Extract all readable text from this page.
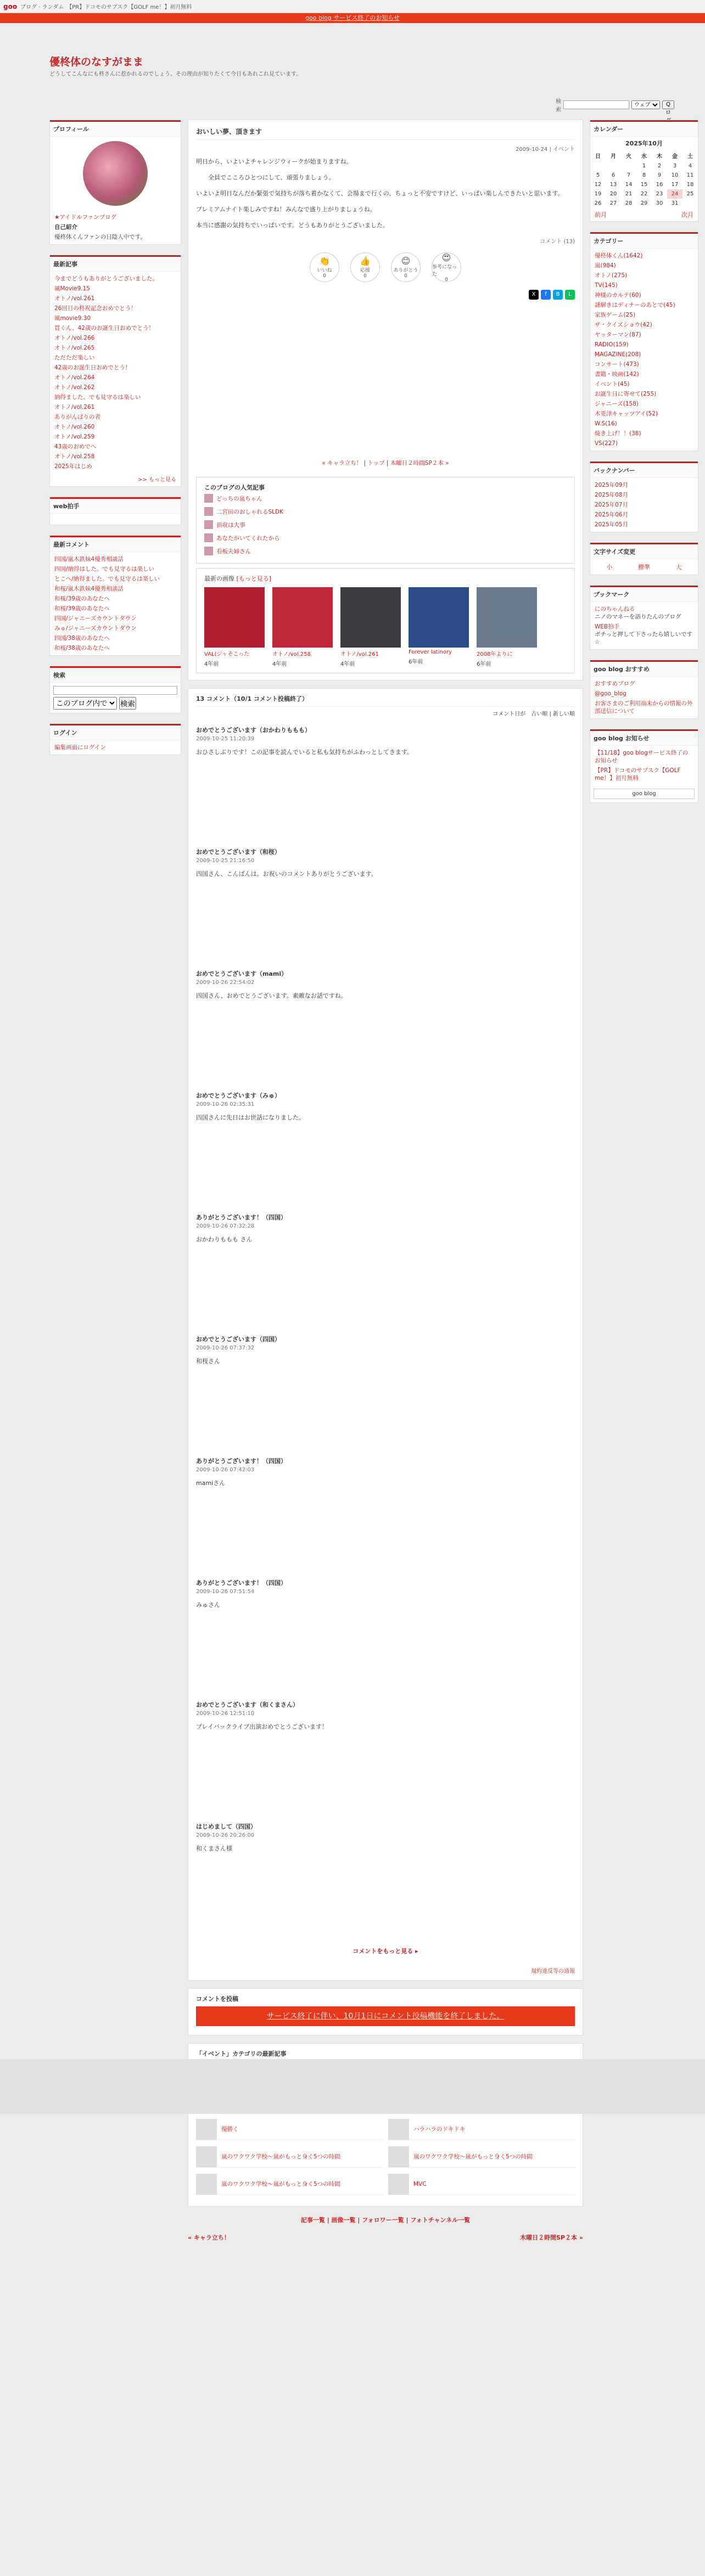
goo ブログ · ランダム　【PR】ドコモのサブスク【GOLF me！】初月無料
検索
ウェブ
Q ロ
goo blog サービス終了のお知らせ
優柊体のなすがまま

どうしてこんなにも柊さんに惹かれるのでしょう。その理由が知りたくて今日もあれこれ見ています。

プロフィール
★アイドルファンブログ
自己紹介
優柊体くんファンの日陰人中です。
最新記事
今までどうもありがとうございました。
風Movie9.15
オトノ/vol.261
26回目の柊祝記念おめでとう！
風movie9.30
買くん、42歳のお誕生日おめでとう！
オトノ/vol.266
オトノ/vol.265
ただただ楽しい
42歳のお誕生日おめでとう！
オトノ/vol.264
オトノ/vol.262
納得ました。でも見守るは楽しい
オトノ/vol.261
ありがんばりの者
オトノ/vol.260
オトノ/vol.259
43歳のおめでへ
オトノ/vol.258
2025年はじめ
>> もっと見る
web拍手
最新コメント
四国/嵐木鉄妹4優秀相談話
四国/納得はした。でも見守るは楽しい
とこへ/納得ました。でも見守るは楽しい
和桜/嵐木鉄妹4優秀相談話
和桜/39歳のあなたへ
和桜/39歳のあなたへ
四国/ジャニーズカウントダウン
みゅ/ジャニーズカウントダウン
四国/38歳のあなたへ
和桜/38歳のあなたへ
検索
このブログ内で
検索
ログイン
編集画面にログイン
おいしい夢、頂きます
2009-10-24 | イベント

明日から、いよいよチャレンジウィークが始まりますね。

　　全員でこころひとつにして、頑張りましょう。

いよいよ明日なんだか緊張で気持ちが落ち着かなくて、会場まで行くの、ちょっと不安ですけど、いっぱい楽しんできたいと思います。

プレミアムナイト楽しみですね！みんなで盛り上がりましょうね。

本当に感謝の気持ちでいっぱいです。どうもありがとうございました。

コメント (13)
👏
いいね
0
👍
応援
0
😊
ありがとう
0
😍
参考になった
0
X	f	B	L
« キャラ立ち！ | トップ | 木曜日２時間SP２本 »
このブログの人気記事
どっちの嵐ちゃん
二宮田のおしゃれるSLDK
頂収は大事
あなたがいてくれたから
看板夫婦さん
最新の画像 [もっと見る]
VAL(ジャそこった
4年前
オトノ/vol.258
4年前
オトノ/vol.261
4年前
Forever latinory
6年前
2008年よりに
6年前
13 コメント（10/1 コメント投稿終了）
コメント日が　古い順 | 新しい順
おめでとうございます（おかわりももも）
2009-10-25 11:20:39

おひさしぶりです！この記事を読んでいると私も気持ちがふわっとしてきます。

おめでとうございます（和桜）
2009-10-25 21:16:50

四国さん、こんばんは。お祝いのコメントありがとうございます。

おめでとうございます（mami）
2009-10-26 22:54:02

四国さん、おめでとうございます。素敵なお話ですね。

おめでとうございます（みゅ）
2009-10-26 02:35:31

四国さんに先日はお世話になりました。

ありがとうございます！（四国）
2009-10-26 07:32:28

おかわりももも さん

おめでとうございます（四国）
2009-10-26 07:37:32

和桜さん

ありがとうございます！（四国）
2009-10-26 07:42:03

mamiさん

ありがとうございます！（四国）
2009-10-26 07:51:54

みゅさん

おめでとうございます（和くまさん）
2009-10-26 12:51:10

プレイバックライブ出演おめでとうございます！

はじめまして（四国）
2009-10-26 20:26:00

和くまさん様

コメントをもっと見る ▸
規約違反等の通報
コメントを投稿
サービス終了に伴い、10月1日にコメント投稿機能を終了しました。
「イベント」カテゴリの最新記事
優勝く	ハラハラのドキドキ
嵐のワクワク学校～嵐がもっと身く5つの時間	嵐のワクワク学校～嵐がもっと身く5つの時間
嵐のワクワク学校～嵐がもっと身く5つの時間	MVC
記事一覧 | 画像一覧 | フォロワー一覧 | フォトチャンネル一覧
« キャラ立ち！	木曜日２時間SP２本 »
カレンダー
2025年10月
日	月	火	水	木	金	土
			1	2	3	4
5	6	7	8	9	10	11
12	13	14	15	16	17	18
19	20	21	22	23	24	25
26	27	28	29	30	31	
前月	次月
カテゴリー
優柊体くん(1642)
嵐(984)
オトノ(275)
TV(145)
神様のカルテ(60)
謎解きはディナーのあとで(45)
家族ゲーム(25)
ザ・クイズショウ(42)
ヤッターマン(87)
RADIO(159)
MAGAZINE(208)
コンサート(473)
書籍・映画(142)
イベント(45)
お誕生日に寄せて(255)
ジャニーズ(158)
木更津キャッツアイ(52)
W.S(16)
焼き上げ！！(38)
VS(227)
バックナンバー
2025年09月
2025年08月
2025年07月
2025年06月
2025年05月
文字サイズ変更
小	標準	大
ブックマーク
にのちゃんねる
ニノのマネーを語りたんのブログ
WEB拍手
ポチっと押して下さったら嬉しいです☆
goo blog おすすめ
おすすめブログ
@goo_blog
お客さまのご利用端末からの情報の外部送信について
goo blog お知らせ
【11/18】goo blogサービス終了のお知らせ
【PR】ドコモのサブスク【GOLF me！】初月無料
goo blog
